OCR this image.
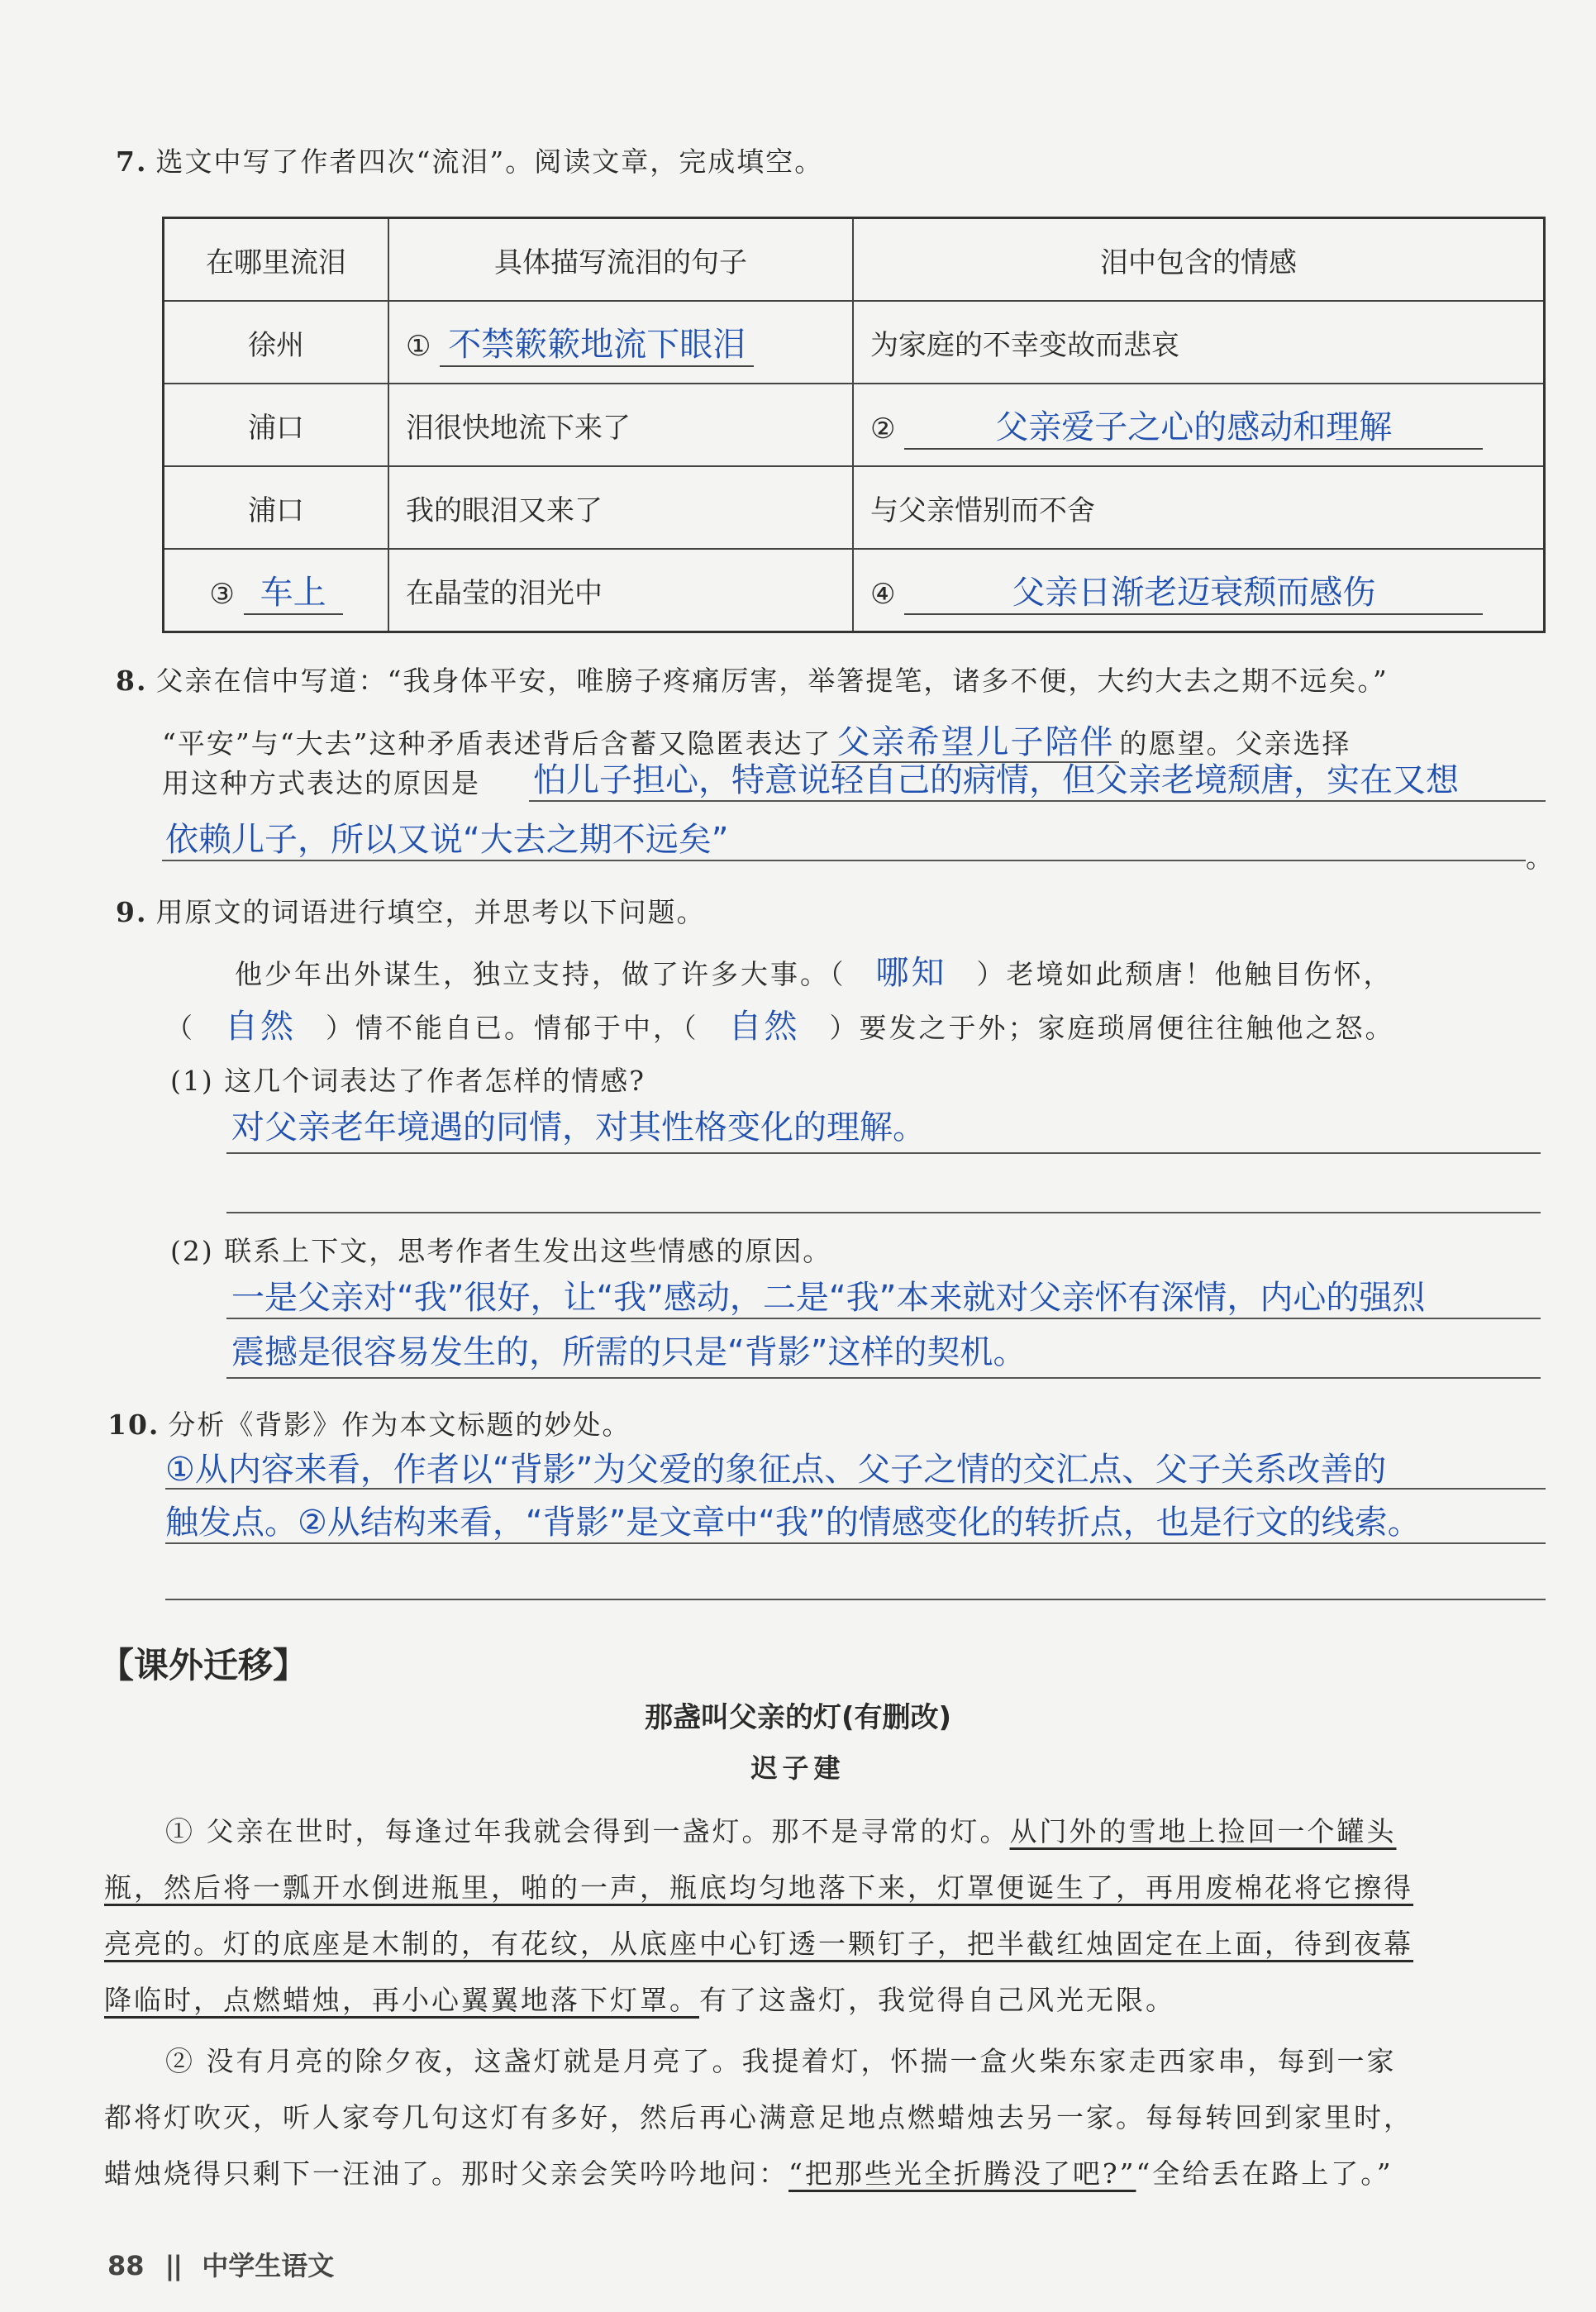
7. 选文中写了作者四次“流泪”。阅读文章，完成填空。
在哪里流泪	具体描写流泪的句子	泪中包含的情感
徐州	① 不禁簌簌地流下眼泪	为家庭的不幸变故而悲哀
浦口	泪很快地流下来了	② 父亲爱子之心的感动和理解
浦口	我的眼泪又来了	与父亲惜别而不舍
③ 车上	在晶莹的泪光中	④ 父亲日渐老迈衰颓而感伤
8. 父亲在信中写道：“我身体平安，唯膀子疼痛厉害，举箸提笔，诸多不便，大约大去之期不远矣。”
“平安”与“大去”这种矛盾表述背后含蓄又隐匿表达了 父亲希望儿子陪伴 的愿望。父亲选择
用这种方式表达的原因是 怕儿子担心，特意说轻自己的病情，但父亲老境颓唐，实在又想
依赖儿子，所以又说“大去之期不远矣”	。
9. 用原文的词语进行填空，并思考以下问题。
他少年出外谋生，独立支持，做了许多大事。（ 哪知 ）老境如此颓唐！他触目伤怀，
（ 自然 ）情不能自已。情郁于中，（ 自然 ）要发之于外；家庭琐屑便往往触他之怒。
(1) 这几个词表达了作者怎样的情感?
对父亲老年境遇的同情，对其性格变化的理解。
(2) 联系上下文，思考作者生发出这些情感的原因。
一是父亲对“我”很好，让“我”感动，二是“我”本来就对父亲怀有深情，内心的强烈
震撼是很容易发生的，所需的只是“背影”这样的契机。
10. 分析《背影》作为本文标题的妙处。
①从内容来看，作者以“背影”为父爱的象征点、父子之情的交汇点、父子关系改善的
触发点。②从结构来看，“背影”是文章中“我”的情感变化的转折点，也是行文的线索。
【课外迁移】
那盏叫父亲的灯(有删改)
迟子建
① 父亲在世时，每逢过年我就会得到一盏灯。那不是寻常的灯。从门外的雪地上捡回一个罐头
瓶，然后将一瓢开水倒进瓶里，啪的一声，瓶底均匀地落下来，灯罩便诞生了，再用废棉花将它擦得
亮亮的。灯的底座是木制的，有花纹，从底座中心钉透一颗钉子，把半截红烛固定在上面，待到夜幕
降临时，点燃蜡烛，再小心翼翼地落下灯罩。有了这盏灯，我觉得自己风光无限。
② 没有月亮的除夕夜，这盏灯就是月亮了。我提着灯，怀揣一盒火柴东家走西家串，每到一家
都将灯吹灭，听人家夸几句这灯有多好，然后再心满意足地点燃蜡烛去另一家。每每转回到家里时，
蜡烛烧得只剩下一汪油了。那时父亲会笑吟吟地问：“把那些光全折腾没了吧?”“全给丢在路上了。”
88 || 中学生语文
